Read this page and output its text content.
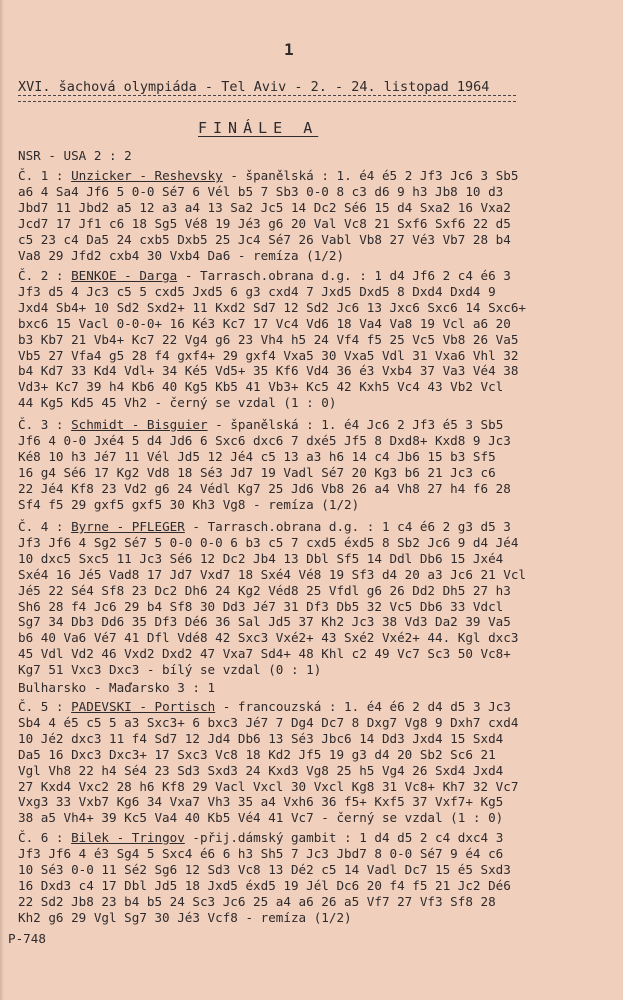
1
XVI. šachová olympiáda - Tel Aviv - 2. - 24. listopad 1964
FINÁLE A
NSR - USA 2 : 2

Č. 1 : Unzicker - Reshevsky - španělská : 1. é4 é5 2 Jf3 Jc6 3 Sb5

a6 4 Sa4 Jf6 5 0-0 Sé7 6 Vél b5 7 Sb3 0-0 8 c3 d6 9 h3 Jb8 10 d3

Jbd7 11 Jbd2 a5 12 a3 a4 13 Sa2 Jc5 14 Dc2 Sé6 15 d4 Sxa2 16 Vxa2

Jcd7 17 Jf1 c6 18 Sg5 Vé8 19 Jé3 g6 20 Val Vc8 21 Sxf6 Sxf6 22 d5

c5 23 c4 Da5 24 cxb5 Dxb5 25 Jc4 Sé7 26 Vabl Vb8 27 Vé3 Vb7 28 b4

Va8 29 Jfd2 cxb4 30 Vxb4 Da6 - remíza (1/2)

Č. 2 : BENKOE - Darga - Tarrasch.obrana d.g. : 1 d4 Jf6 2 c4 é6 3

Jf3 d5 4 Jc3 c5 5 cxd5 Jxd5 6 g3 cxd4 7 Jxd5 Dxd5 8 Dxd4 Dxd4 9

Jxd4 Sb4+ 10 Sd2 Sxd2+ 11 Kxd2 Sd7 12 Sd2 Jc6 13 Jxc6 Sxc6 14 Sxc6+

bxc6 15 Vacl 0-0-0+ 16 Ké3 Kc7 17 Vc4 Vd6 18 Va4 Va8 19 Vcl a6 20

b3 Kb7 21 Vb4+ Kc7 22 Vg4 g6 23 Vh4 h5 24 Vf4 f5 25 Vc5 Vb8 26 Va5

Vb5 27 Vfa4 g5 28 f4 gxf4+ 29 gxf4 Vxa5 30 Vxa5 Vdl 31 Vxa6 Vhl 32

b4 Kd7 33 Kd4 Vdl+ 34 Ké5 Vd5+ 35 Kf6 Vd4 36 é3 Vxb4 37 Va3 Vé4 38

Vd3+ Kc7 39 h4 Kb6 40 Kg5 Kb5 41 Vb3+ Kc5 42 Kxh5 Vc4 43 Vb2 Vcl

44 Kg5 Kd5 45 Vh2 - černý se vzdal (1 : 0)

Č. 3 : Schmidt - Bisguier - španělská : 1. é4 Jc6 2 Jf3 é5 3 Sb5

Jf6 4 0-0 Jxé4 5 d4 Jd6 6 Sxc6 dxc6 7 dxé5 Jf5 8 Dxd8+ Kxd8 9 Jc3

Ké8 10 h3 Jé7 11 Vél Jd5 12 Jé4 c5 13 a3 h6 14 c4 Jb6 15 b3 Sf5

16 g4 Sé6 17 Kg2 Vd8 18 Sé3 Jd7 19 Vadl Sé7 20 Kg3 b6 21 Jc3 c6

22 Jé4 Kf8 23 Vd2 g6 24 Védl Kg7 25 Jd6 Vb8 26 a4 Vh8 27 h4 f6 28

Sf4 f5 29 gxf5 gxf5 30 Kh3 Vg8 - remíza (1/2)

Č. 4 : Byrne - PFLEGER - Tarrasch.obrana d.g. : 1 c4 é6 2 g3 d5 3

Jf3 Jf6 4 Sg2 Sé7 5 0-0 0-0 6 b3 c5 7 cxd5 éxd5 8 Sb2 Jc6 9 d4 Jé4

10 dxc5 Sxc5 11 Jc3 Sé6 12 Dc2 Jb4 13 Dbl Sf5 14 Ddl Db6 15 Jxé4

Sxé4 16 Jé5 Vad8 17 Jd7 Vxd7 18 Sxé4 Vé8 19 Sf3 d4 20 a3 Jc6 21 Vcl

Jé5 22 Sé4 Sf8 23 Dc2 Dh6 24 Kg2 Véd8 25 Vfdl g6 26 Dd2 Dh5 27 h3

Sh6 28 f4 Jc6 29 b4 Sf8 30 Dd3 Jé7 31 Df3 Db5 32 Vc5 Db6 33 Vdcl

Sg7 34 Db3 Dd6 35 Df3 Dé6 36 Sal Jd5 37 Kh2 Jc3 38 Vd3 Da2 39 Va5

b6 40 Va6 Vé7 41 Dfl Vdé8 42 Sxc3 Vxé2+ 43 Sxé2 Vxé2+ 44. Kgl dxc3

45 Vdl Vd2 46 Vxd2 Dxd2 47 Vxa7 Sd4+ 48 Khl c2 49 Vc7 Sc3 50 Vc8+

Kg7 51 Vxc3 Dxc3 - bílý se vzdal (0 : 1)

Bulharsko - Maďarsko 3 : 1

Č. 5 : PADEVSKI - Portisch - francouzská : 1. é4 é6 2 d4 d5 3 Jc3

Sb4 4 é5 c5 5 a3 Sxc3+ 6 bxc3 Jé7 7 Dg4 Dc7 8 Dxg7 Vg8 9 Dxh7 cxd4

10 Jé2 dxc3 11 f4 Sd7 12 Jd4 Db6 13 Sé3 Jbc6 14 Dd3 Jxd4 15 Sxd4

Da5 16 Dxc3 Dxc3+ 17 Sxc3 Vc8 18 Kd2 Jf5 19 g3 d4 20 Sb2 Sc6 21

Vgl Vh8 22 h4 Sé4 23 Sd3 Sxd3 24 Kxd3 Vg8 25 h5 Vg4 26 Sxd4 Jxd4

27 Kxd4 Vxc2 28 h6 Kf8 29 Vacl Vxcl 30 Vxcl Kg8 31 Vc8+ Kh7 32 Vc7

Vxg3 33 Vxb7 Kg6 34 Vxa7 Vh3 35 a4 Vxh6 36 f5+ Kxf5 37 Vxf7+ Kg5

38 a5 Vh4+ 39 Kc5 Va4 40 Kb5 Vé4 41 Vc7 - černý se vzdal (1 : 0)

Č. 6 : Bilek - Tringov -přij.dámský gambit : 1 d4 d5 2 c4 dxc4 3

Jf3 Jf6 4 é3 Sg4 5 Sxc4 é6 6 h3 Sh5 7 Jc3 Jbd7 8 0-0 Sé7 9 é4 c6

10 Sé3 0-0 11 Sé2 Sg6 12 Sd3 Vc8 13 Dé2 c5 14 Vadl Dc7 15 é5 Sxd3

16 Dxd3 c4 17 Dbl Jd5 18 Jxd5 éxd5 19 Jél Dc6 20 f4 f5 21 Jc2 Dé6

22 Sd2 Jb8 23 b4 b5 24 Sc3 Jc6 25 a4 a6 26 a5 Vf7 27 Vf3 Sf8 28

Kh2 g6 29 Vgl Sg7 30 Jé3 Vcf8 - remíza (1/2)

P-748
